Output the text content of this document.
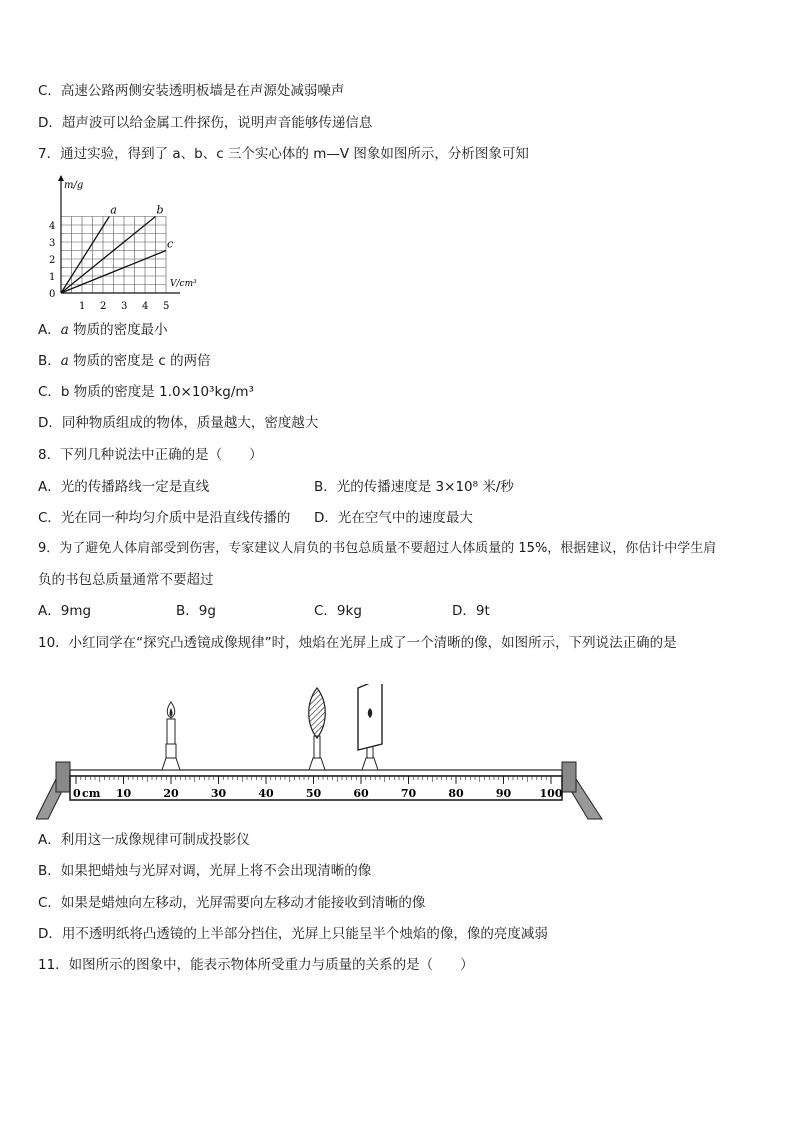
C．高速公路两侧安装透明板墙是在声源处减弱噪声
D．超声波可以给金属工件探伤，说明声音能够传递信息
7．通过实验，得到了 a、b、c 三个实心体的 m—V 图象如图所示，分析图象可知
m/g
V/cm³
0
1 2 3 4 5
1
2
3
4
a	b
c
A．a 物质的密度最小
B．a 物质的密度是 c 的两倍
C．b 物质的密度是 1.0×10³kg/m³
D．同种物质组成的物体，质量越大，密度越大
8．下列几种说法中正确的是（　　）
A．光的传播路线一定是直线	B．光的传播速度是 3×10⁸ 米/秒
C．光在同一种均匀介质中是沿直线传播的 D．光在空气中的速度最大
9．为了避免人体肩部受到伤害，专家建议人肩负的书包总质量不要超过人体质量的 15%，根据建议，你估计中学生肩
负的书包总质量通常不要超过
A．9mg	B．9g	C．9kg	D．9t
10．小红同学在“探究凸透镜成像规律”时，烛焰在光屏上成了一个清晰的像，如图所示，下列说法正确的是
0	10	20	30	40	50	60	70	80	90	100
cm
A．利用这一成像规律可制成投影仪
B．如果把蜡烛与光屏对调，光屏上将不会出现清晰的像
C．如果是蜡烛向左移动，光屏需要向左移动才能接收到清晰的像
D．用不透明纸将凸透镜的上半部分挡住，光屏上只能呈半个烛焰的像，像的亮度减弱
11．如图所示的图象中，能表示物体所受重力与质量的关系的是（　　）
